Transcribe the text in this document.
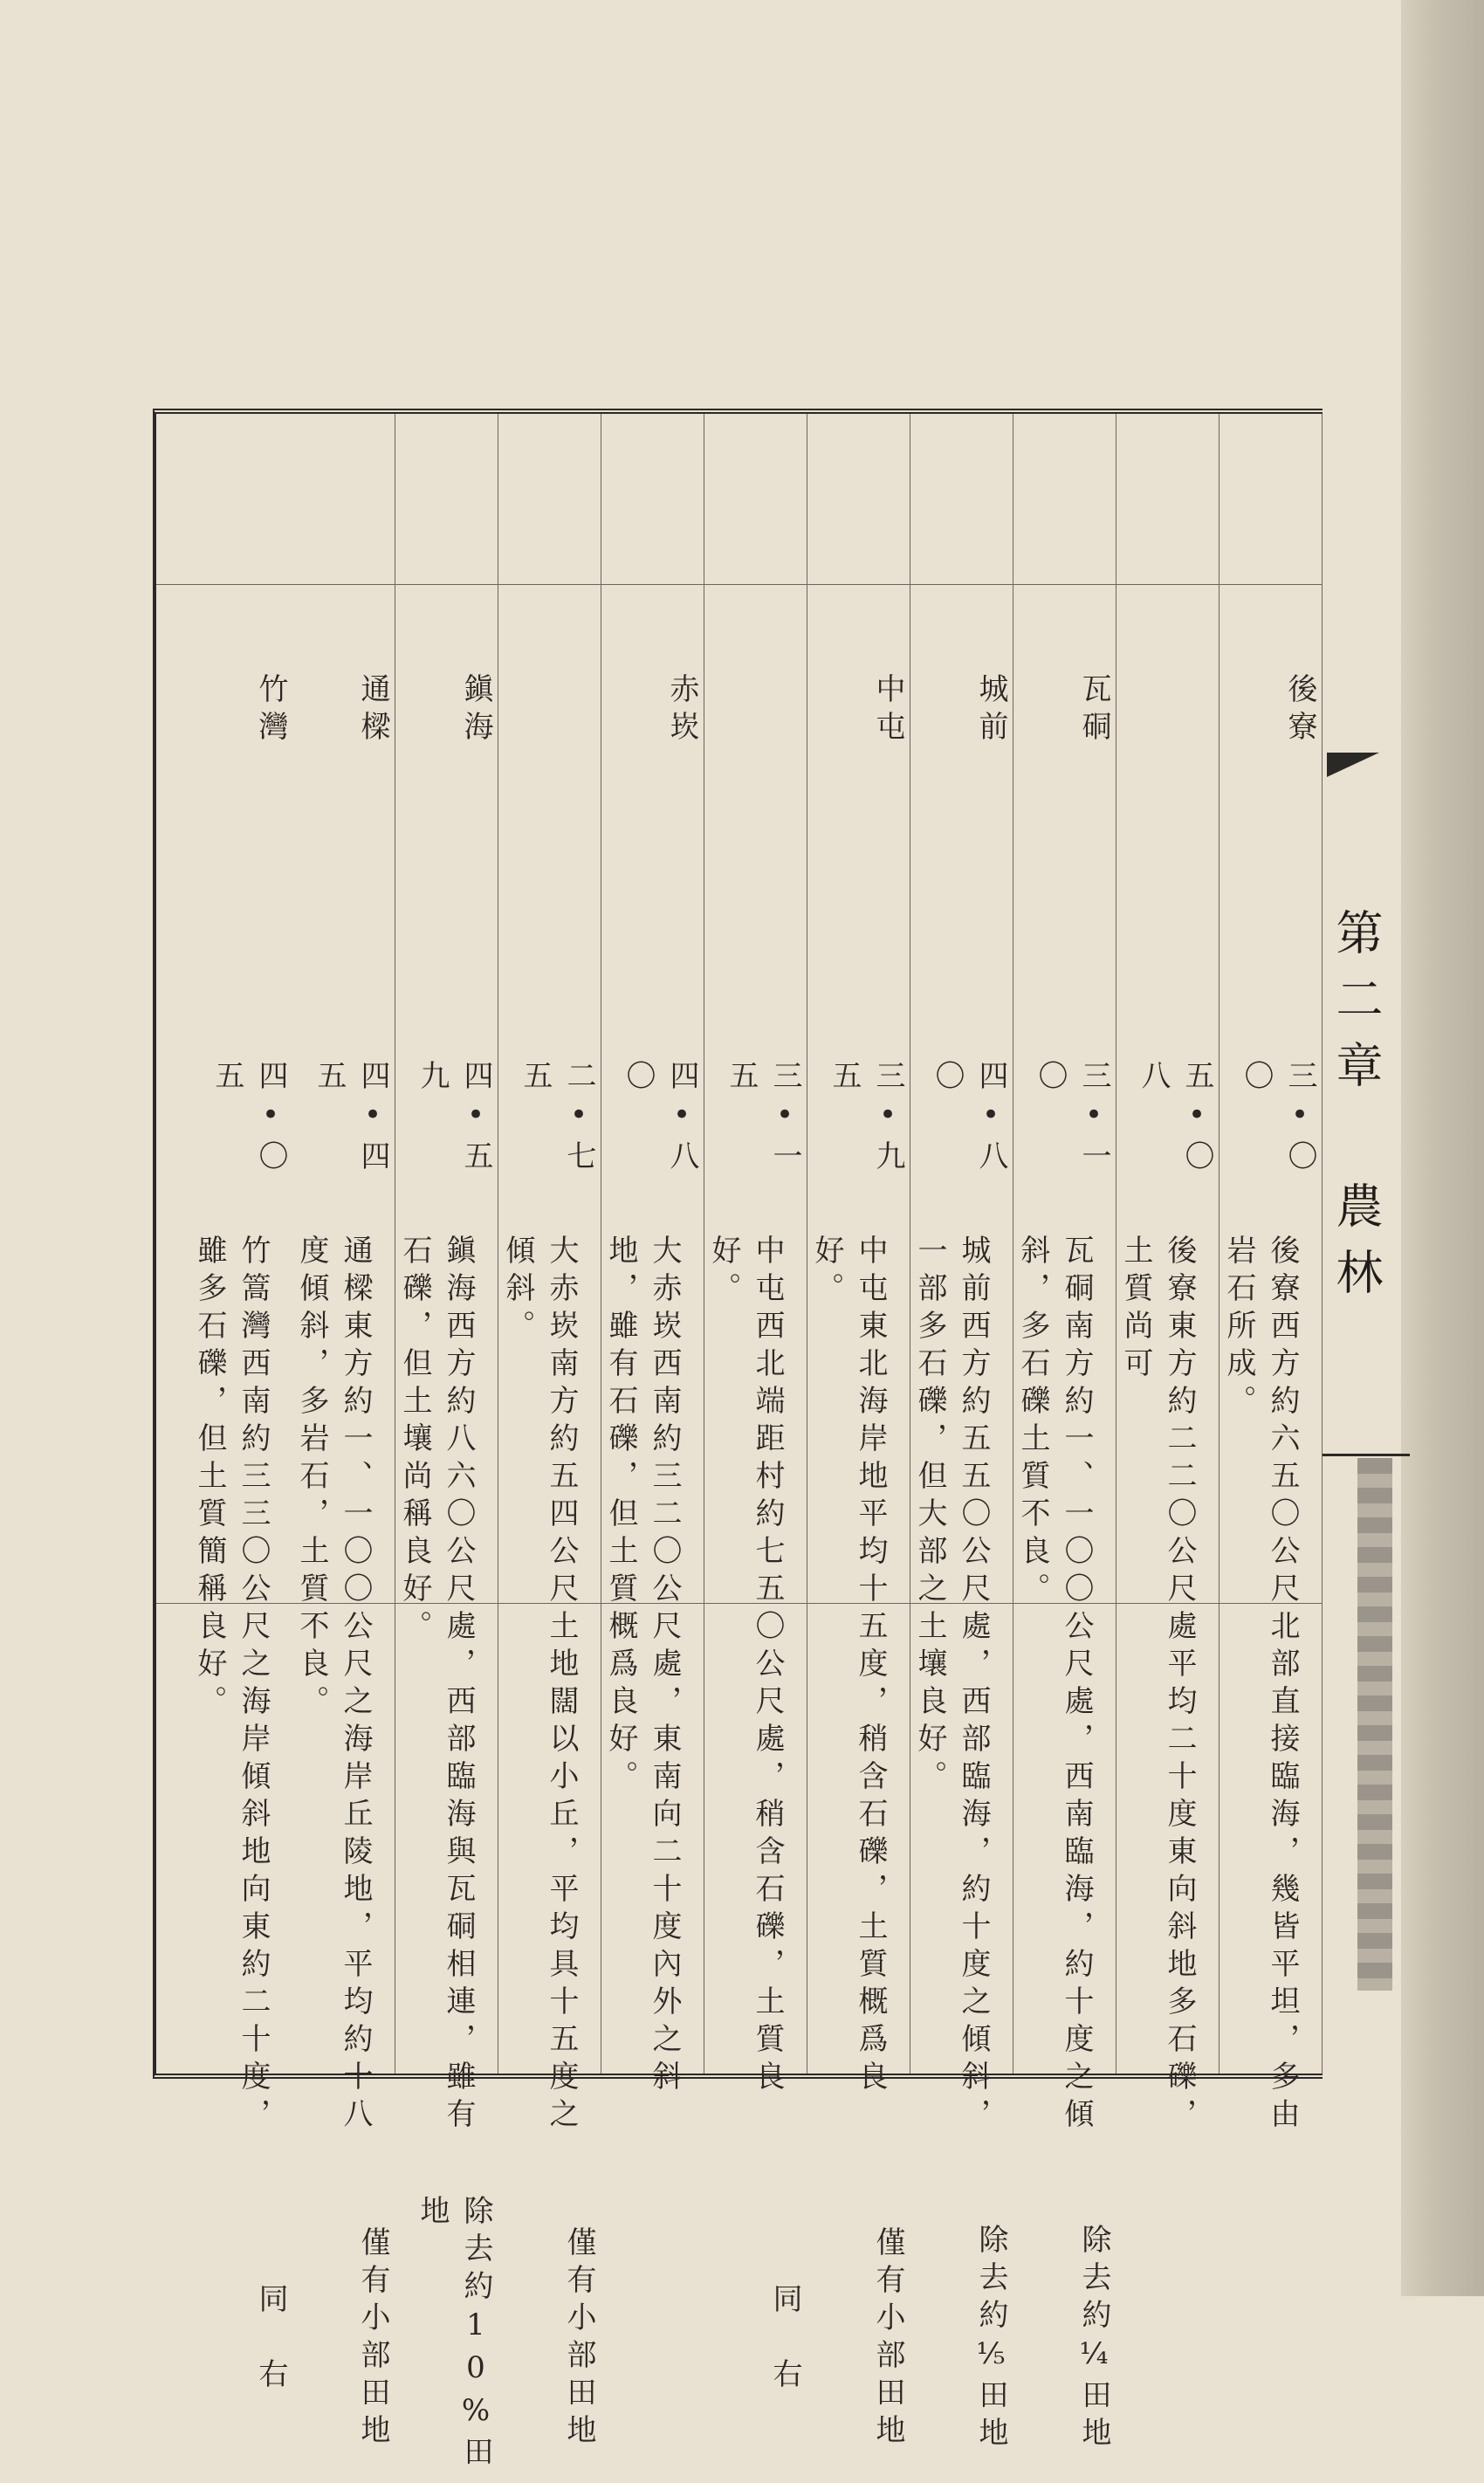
後寮
三•〇〇
後寮西方約六五〇公尺北部直接臨海，幾皆平坦，多由岩石所成。
五•〇八
後寮東方約二二〇公尺處平均二十度東向斜地多石礫，土質尚可
瓦硐
三•一〇
瓦硐南方約一、一〇〇公尺處，西南臨海，約十度之傾斜，多石礫土質不良。
除去約¼田地
城前
四•八〇
城前西方約五五〇公尺處，西部臨海，約十度之傾斜，一部多石礫，但大部之土壤良好。
除去約⅕田地
中屯
三•九五
中屯東北海岸地平均十五度，稍含石礫，土質概爲良好。
僅有小部田地
三•一五
中屯西北端距村約七五〇公尺處，稍含石礫，土質良好。
同　右
赤崁
四•八〇
大赤崁西南約三二〇公尺處，東南向二十度內外之斜地，雖有石礫，但土質概爲良好。
二•七五
大赤崁南方約五四公尺土地闊以小丘，平均具十五度之傾斜。
僅有小部田地
鎭海
四•五九
鎭海西方約八六〇公尺處，西部臨海與瓦硐相連，雖有石礫，但土壤尚稱良好。
除去約10%田地
通樑
四•四五
通樑東方約一、一〇〇公尺之海岸丘陵地，平均約十八度傾斜，多岩石，土質不良。
僅有小部田地
竹灣
四•〇五
竹篙灣西南約三三〇公尺之海岸傾斜地向東約二十度，雖多石礫，但土質簡稱良好。
同　右
第二章 農林
